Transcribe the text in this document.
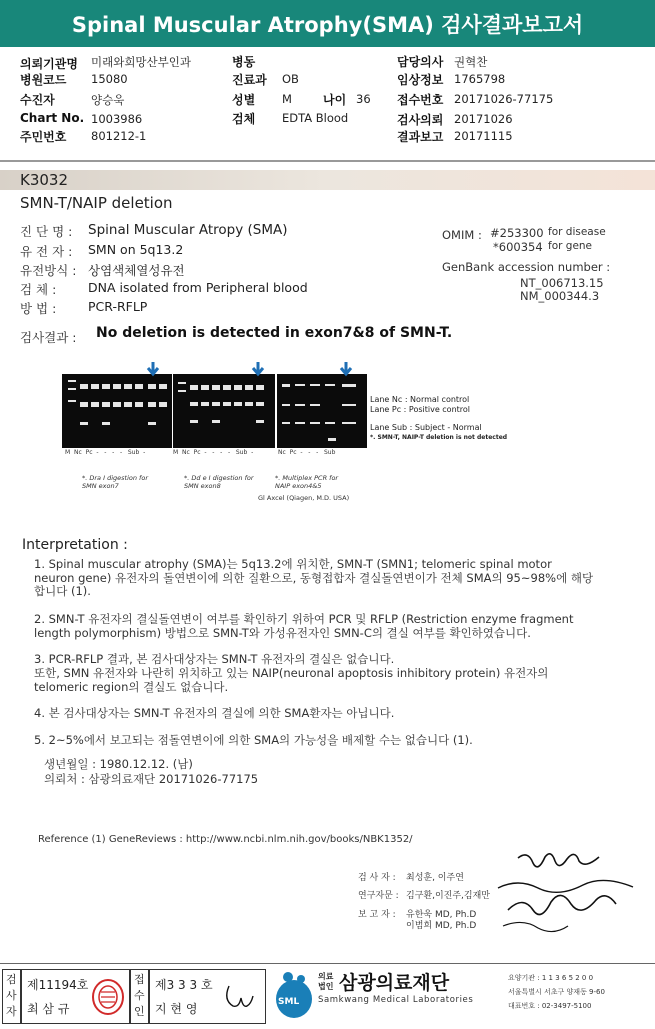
Spinal Muscular Atrophy(SMA) 검사결과보고서
의뢰기관명 미래와희망산부인과
병원코드 15080
수진자	양승욱
Chart No. 1003986
주민번호 801212-1
병동
진료과 OB
성별 M	나이 36
검체 EDTA Blood
담당의사 권혁찬
임상정보 1765798
접수번호 20171026-77175
검사의뢰 20171026
결과보고 20171115
K3032
SMN-T/NAIP deletion
진 단 명 : Spinal Muscular Atropy (SMA)
유 전 자 : SMN on 5q13.2
유전방식 : 상염색체열성유전
검 체 :	DNA isolated from Peripheral blood
방 법 :	PCR-RFLP
OMIM : #253300 for disease
*600354 for gene
GenBank accession number :
NT_006713.15
NM_000344.3
검사결과 : No deletion is detected in exon7&8 of SMN-T.
M  Nc  Pc  -   -   -   -   Sub  -	M  Nc  Pc  -   -   -   -   Sub  -	Nc  Pc  -   -   -   Sub
Lane Nc : Normal control
Lane Pc : Positive control
Lane Sub : Subject - Normal
*. SMN-T, NAIP-T deletion is not detected
*. Dra I digestion for SMN exon7
*. Dd e I digestion for SMN exon8
*. Multiplex PCR for NAIP exon4&5
Gl Axcel (Qiagen, M.D. USA)
Interpretation :
1. Spinal muscular atrophy (SMA)는 5q13.2에 위치한, SMN-T (SMN1; telomeric spinal motor neuron gene) 유전자의 돌연변이에 의한 질환으로, 동형접합자 결실돌연변이가 전체 SMA의 95~98%에 해당합니다 (1).
2. SMN-T 유전자의 결실돌연변이 여부를 확인하기 위하여 PCR 및 RFLP (Restriction enzyme fragment length polymorphism) 방법으로 SMN-T와 가성유전자인 SMN-C의 결실 여부를 확인하였습니다.
3. PCR-RFLP 결과, 본 검사대상자는 SMN-T 유전자의 결실은 없습니다.
또한, SMN 유전자와 나란히 위치하고 있는 NAIP(neuronal apoptosis inhibitory protein) 유전자의 telomeric region의 결실도 없습니다.
4. 본 검사대상자는 SMN-T 유전자의 결실에 의한 SMA환자는 아닙니다.
5. 2~5%에서 보고되는 점돌연변이에 의한 SMA의 가능성을 배제할 수는 없습니다 (1).
생년월일 : 1980.12.12. (남)
의뢰처 : 삼광의료재단 20171026-77175
Reference (1) GeneReviews : http://www.ncbi.nlm.nih.gov/books/NBK1352/
검 사 자 : 최성훈, 이주연
연구자문 : 김구환,이진주,김재만
보 고 자 : 유한욱 MD, Ph.D
이범희 MD, Ph.D
검사자
제11194호
최 삼 규
접수인
제3 3 3 호
지 현 영	SML
의료 법인 삼광의료재단
Samkwang Medical Laboratories
요양기관 : 1 1 3 6 5 2 0 0
서울특별시 서초구 양재동 9-60
대표번호 : 02-3497-5100
